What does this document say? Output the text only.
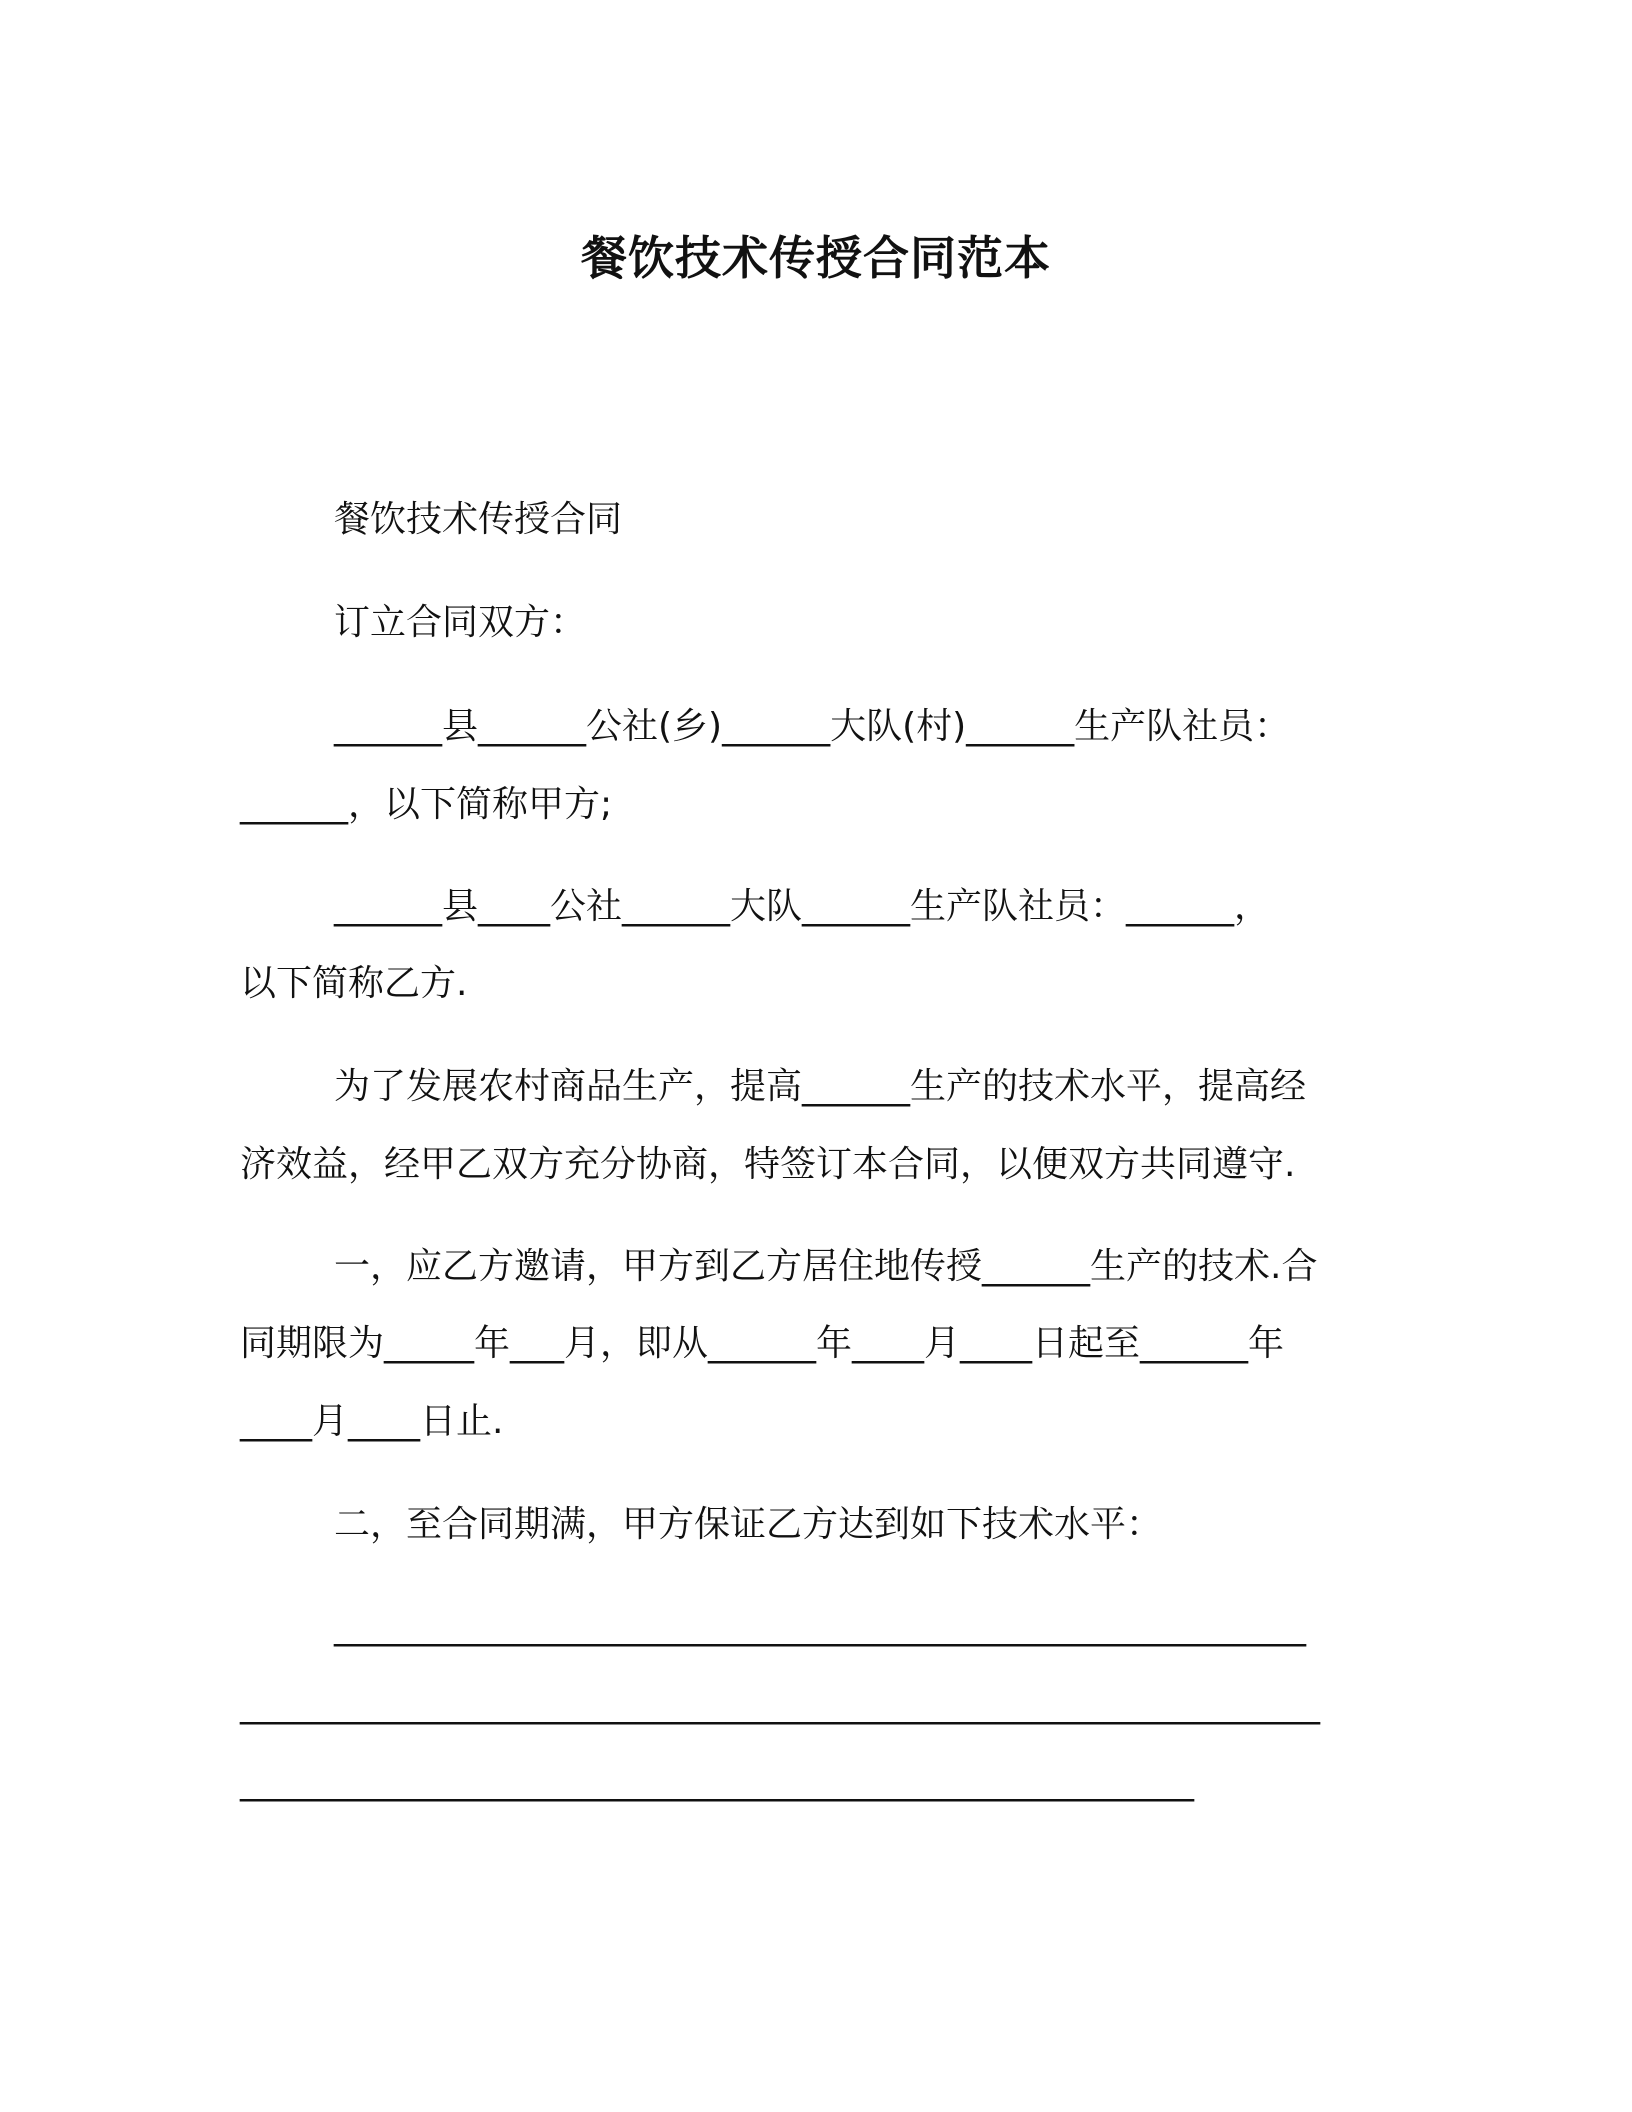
餐饮技术传授合同范本
餐饮技术传授合同
订立合同双方：
______县______公社(乡)______大队(村)______生产队社员：
______，以下简称甲方;
______县____公社______大队______生产队社员：______，
以下简称乙方.
为了发展农村商品生产，提高______生产的技术水平，提高经
济效益，经甲乙双方充分协商，特签订本合同，以便双方共同遵守.
一，应乙方邀请，甲方到乙方居住地传授______生产的技术.合
同期限为_____年___月，即从______年____月____日起至______年
____月____日止.
二，至合同期满，甲方保证乙方达到如下技术水平：
______________________________________________________
____________________________________________________________
_____________________________________________________
